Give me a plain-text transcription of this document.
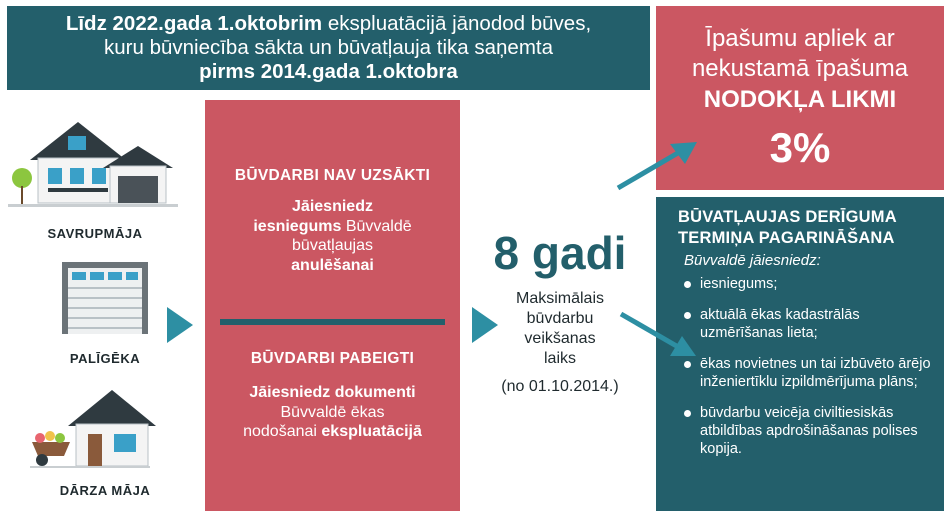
Līdz 2022.gada 1.oktobrim ekspluatācijā jānodod būves,
kuru būvniecība sākta un būvatļauja tika saņemta
pirms 2014.gada 1.oktobra
Īpašumu apliek ar
nekustamā īpašuma
NODOKĻA LIKMI
3%
BŪVATĻAUJAS DERĪGUMA
TERMIŅA PAGARINĀŠANA
Būvvaldē jāiesniedz:
iesniegums;
aktuālā ēkas kadastrālās uzmērīšanas lieta;
ēkas novietnes un tai izbūvēto ārējo inženiertīklu izpildmērījuma plāns;
būvdarbu veicēja civiltiesiskās atbildības apdrošināšanas polises kopija.
SAVRUPMĀJA
PALĪGĒKA
DĀRZA MĀJA
BŪVDARBI NAV UZSĀKTI
Jāiesniedz
iesniegums Būvvaldē
būvatļaujas
anulēšanai
BŪVDARBI PABEIGTI
Jāiesniedz dokumenti
Būvvaldē ēkas
nodošanai ekspluatācijā
8 gadi
Maksimālais
būvdarbu
veikšanas
laiks
(no 01.10.2014.)
